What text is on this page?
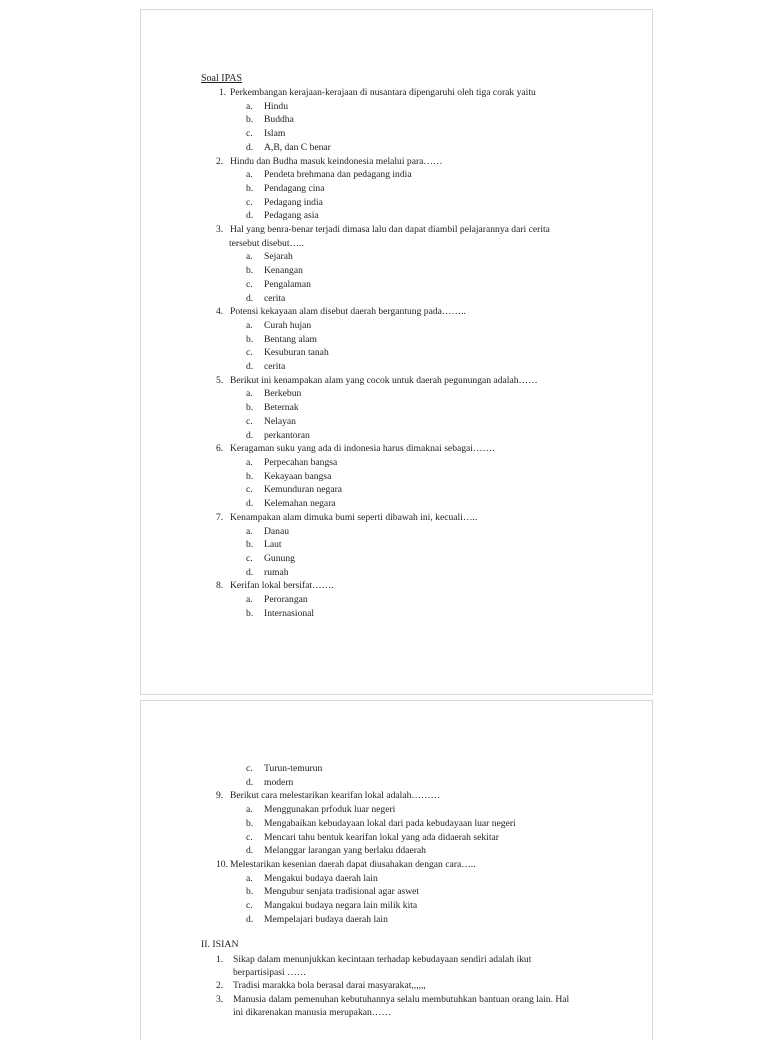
Soal IPAS
1. Perkembangan kerajaan-kerajaan di nusantara dipengaruhi oleh tiga corak yaitu
a. Hindu
b. Buddha
c. Islam
d. A,B, dan C benar
2. Hindu dan Budha masuk keindonesia melalui para……
a. Pendeta brehmana dan pedagang india
b. Pendagang cina
c. Pedagang india
d. Pedagang asia
3. Hal yang benra-benar terjadi dimasa lalu dan dapat diambil pelajarannya dari cerita
tersebut disebut…..
a. Sejarah
b. Kenangan
c. Pengalaman
d. cerita
4. Potensi kekayaan alam disebut daerah bergantung pada……..
a. Curah hujan
b. Bentang alam
c. Kesuburan tanah
d. cerita
5. Berikut ini kenampakan alam yang cocok untuk daerah pegunungan adalah……
a. Berkebun
b. Beternak
c. Nelayan
d. perkantoran
6. Keragaman suku yang ada di indonesia harus dimaknai sebagai…….
a. Perpecahan bangsa
b. Kekayaan bangsa
c. Kemunduran negara
d. Kelemahan negara
7. Kenampakan alam dimuka bumi seperti dibawah ini, kecuali…..
a. Danau
b. Laut
c. Gunung
d. rumah
8. Kerifan lokal bersifat…….
a. Perorangan
b. Internasional
c. Turun-temurun
d. modern
9. Berikut cara melestarikan kearifan lokal adalah………
a. Menggunakan prfoduk luar negeri
b. Mengabaikan kebudayaan lokal dari pada kebudayaan luar negeri
c. Mencari tahu bentuk kearifan lokal yang ada didaerah sekitar
d. Melanggar larangan yang berlaku ddaerah
10. Melestarikan kesenian daerah dapat diusahakan dengan cara…..
a. Mengakui budaya daerah lain
b. Mengubur senjata tradisional agar aswet
c. Mangakui budaya negara lain milik kita
d. Mempelajari budaya daerah lain
II. ISIAN
1. Sikap dalam menunjukkan kecintaan terhadap kebudayaan sendiri adalah ikut
berpartisipasi ……
2. Tradisi marakka bola berasal darai masyarakat,,,,,,
3. Manusia dalam pemenuhan kebutuhannya selalu membutuhkan bantuan orang lain. Hal
ini dikarenakan manusia merupakan……
